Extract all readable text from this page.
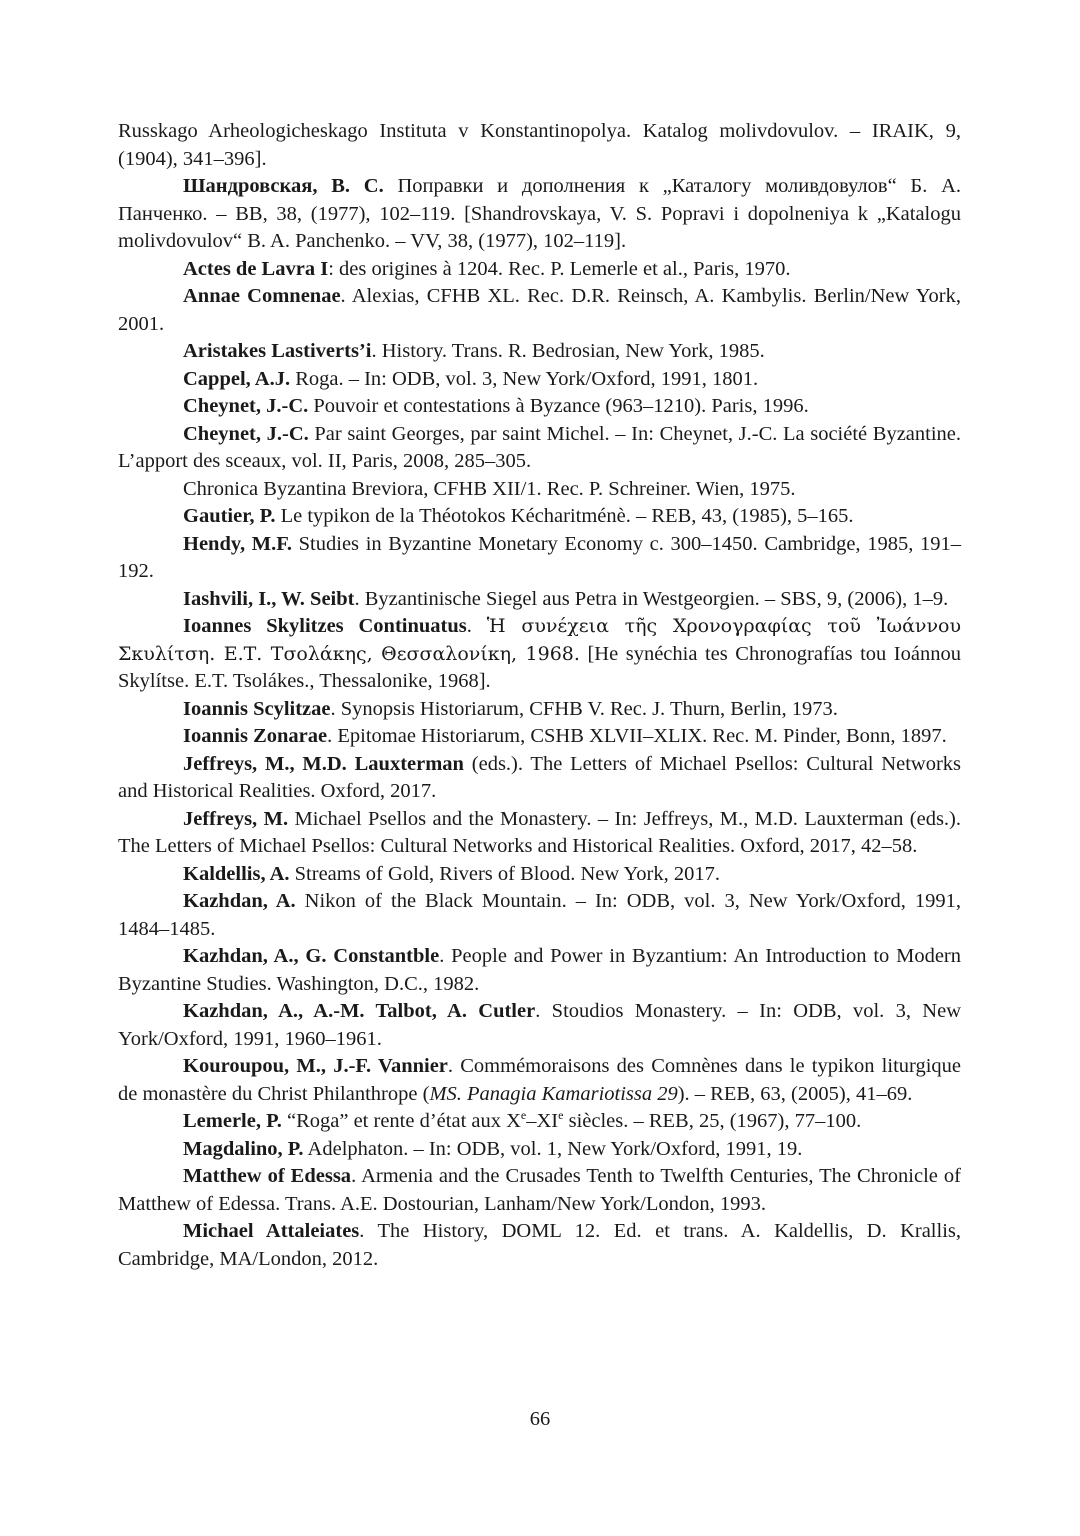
Russkago Arheologicheskago Instituta v Konstantinopolya. Katalog molivdovulov. – IRAIK, 9, (1904), 341–396].

Шандровская, В. С. Поправки и дополнения к „Каталогу моливдовулов“ Б. А. Панченко. – ВВ, 38, (1977), 102–119. [Shandrovskaya, V. S. Popravi i dopolneniya k „Katalogu molivdovulov“ B. A. Panchenko. – VV, 38, (1977), 102–119].

Actes de Lavra I: des origines à 1204. Rec. P. Lemerle et al., Paris, 1970.

Annae Comnenae. Alexias, CFHB XL. Rec. D.R. Reinsch, A. Kambylis. Berlin/New York, 2001.

Aristakes Lastiverts’i. History. Trans. R. Bedrosian, New York, 1985.

Cappel, A.J. Roga. – In: ODB, vol. 3, New York/Oxford, 1991, 1801.

Cheynet, J.-C. Pouvoir et contestations à Byzance (963–1210). Paris, 1996.

Cheynet, J.-C. Par saint Georges, par saint Michel. – In: Cheynet, J.-C. La société Byzantine. L’apport des sceaux, vol. II, Paris, 2008, 285–305.

Chronica Byzantina Breviora, CFHB XII/1. Rec. P. Schreiner. Wien, 1975.

Gautier, P. Le typikon de la Théotokos Kécharitménè. – REB, 43, (1985), 5–165.

Hendy, M.F. Studies in Byzantine Monetary Economy c. 300–1450. Cambridge, 1985, 191–192.

Iashvili, I., W. Seibt. Byzantinische Siegel aus Petra in Westgeorgien. – SBS, 9, (2006), 1–9.

Ioannes Skylitzes Continuatus. Ἡ συνέχεια τῆς Χρονογραφίας τοῦ Ἰωάννου Σκυλίτση. Ε.Τ. Τσολάκης, Θεσσαλονίκη, 1968. [He synéchia tes Chronografías tou Ioánnou Skylítse. E.T. Tsolákes., Thessalonike, 1968].

Ioannis Scylitzae. Synopsis Historiarum, CFHB V. Rec. J. Thurn, Berlin, 1973.

Ioannis Zonarae. Epitomae Historiarum, CSHB XLVII–XLIX. Rec. M. Pinder, Bonn, 1897.

Jeffreys, M., M.D. Lauxterman (eds.). The Letters of Michael Psellos: Cultural Networks and Historical Realities. Oxford, 2017.

Jeffreys, M. Michael Psellos and the Monastery. – In: Jeffreys, M., M.D. Lauxterman (eds.). The Letters of Michael Psellos: Cultural Networks and Historical Realities. Oxford, 2017, 42–58.

Kaldellis, A. Streams of Gold, Rivers of Blood. New York, 2017.

Kazhdan, A. Nikon of the Black Mountain. – In: ODB, vol. 3, New York/Oxford, 1991, 1484–1485.

Kazhdan, A., G. Constantble. People and Power in Byzantium: An Introduction to Modern Byzantine Studies. Washington, D.C., 1982.

Kazhdan, A., A.-M. Talbot, A. Cutler. Stoudios Monastery. – In: ODB, vol. 3, New York/Oxford, 1991, 1960–1961.

Kouroupou, M., J.-F. Vannier. Commémoraisons des Comnènes dans le typikon liturgique de monastère du Christ Philanthrope (MS. Panagia Kamariotissa 29). – REB, 63, (2005), 41–69.

Lemerle, P. “Roga” et rente d’état aux Xe–XIe siècles. – REB, 25, (1967), 77–100.

Magdalino, P. Adelphaton. – In: ODB, vol. 1, New York/Oxford, 1991, 19.

Matthew of Edessa. Armenia and the Crusades Tenth to Twelfth Centuries, The Chronicle of Matthew of Edessa. Trans. A.E. Dostourian, Lanham/New York/London, 1993.

Michael Attaleiates. The History, DOML 12. Ed. et trans. A. Kaldellis, D. Krallis, Cambridge, MA/London, 2012.

66
